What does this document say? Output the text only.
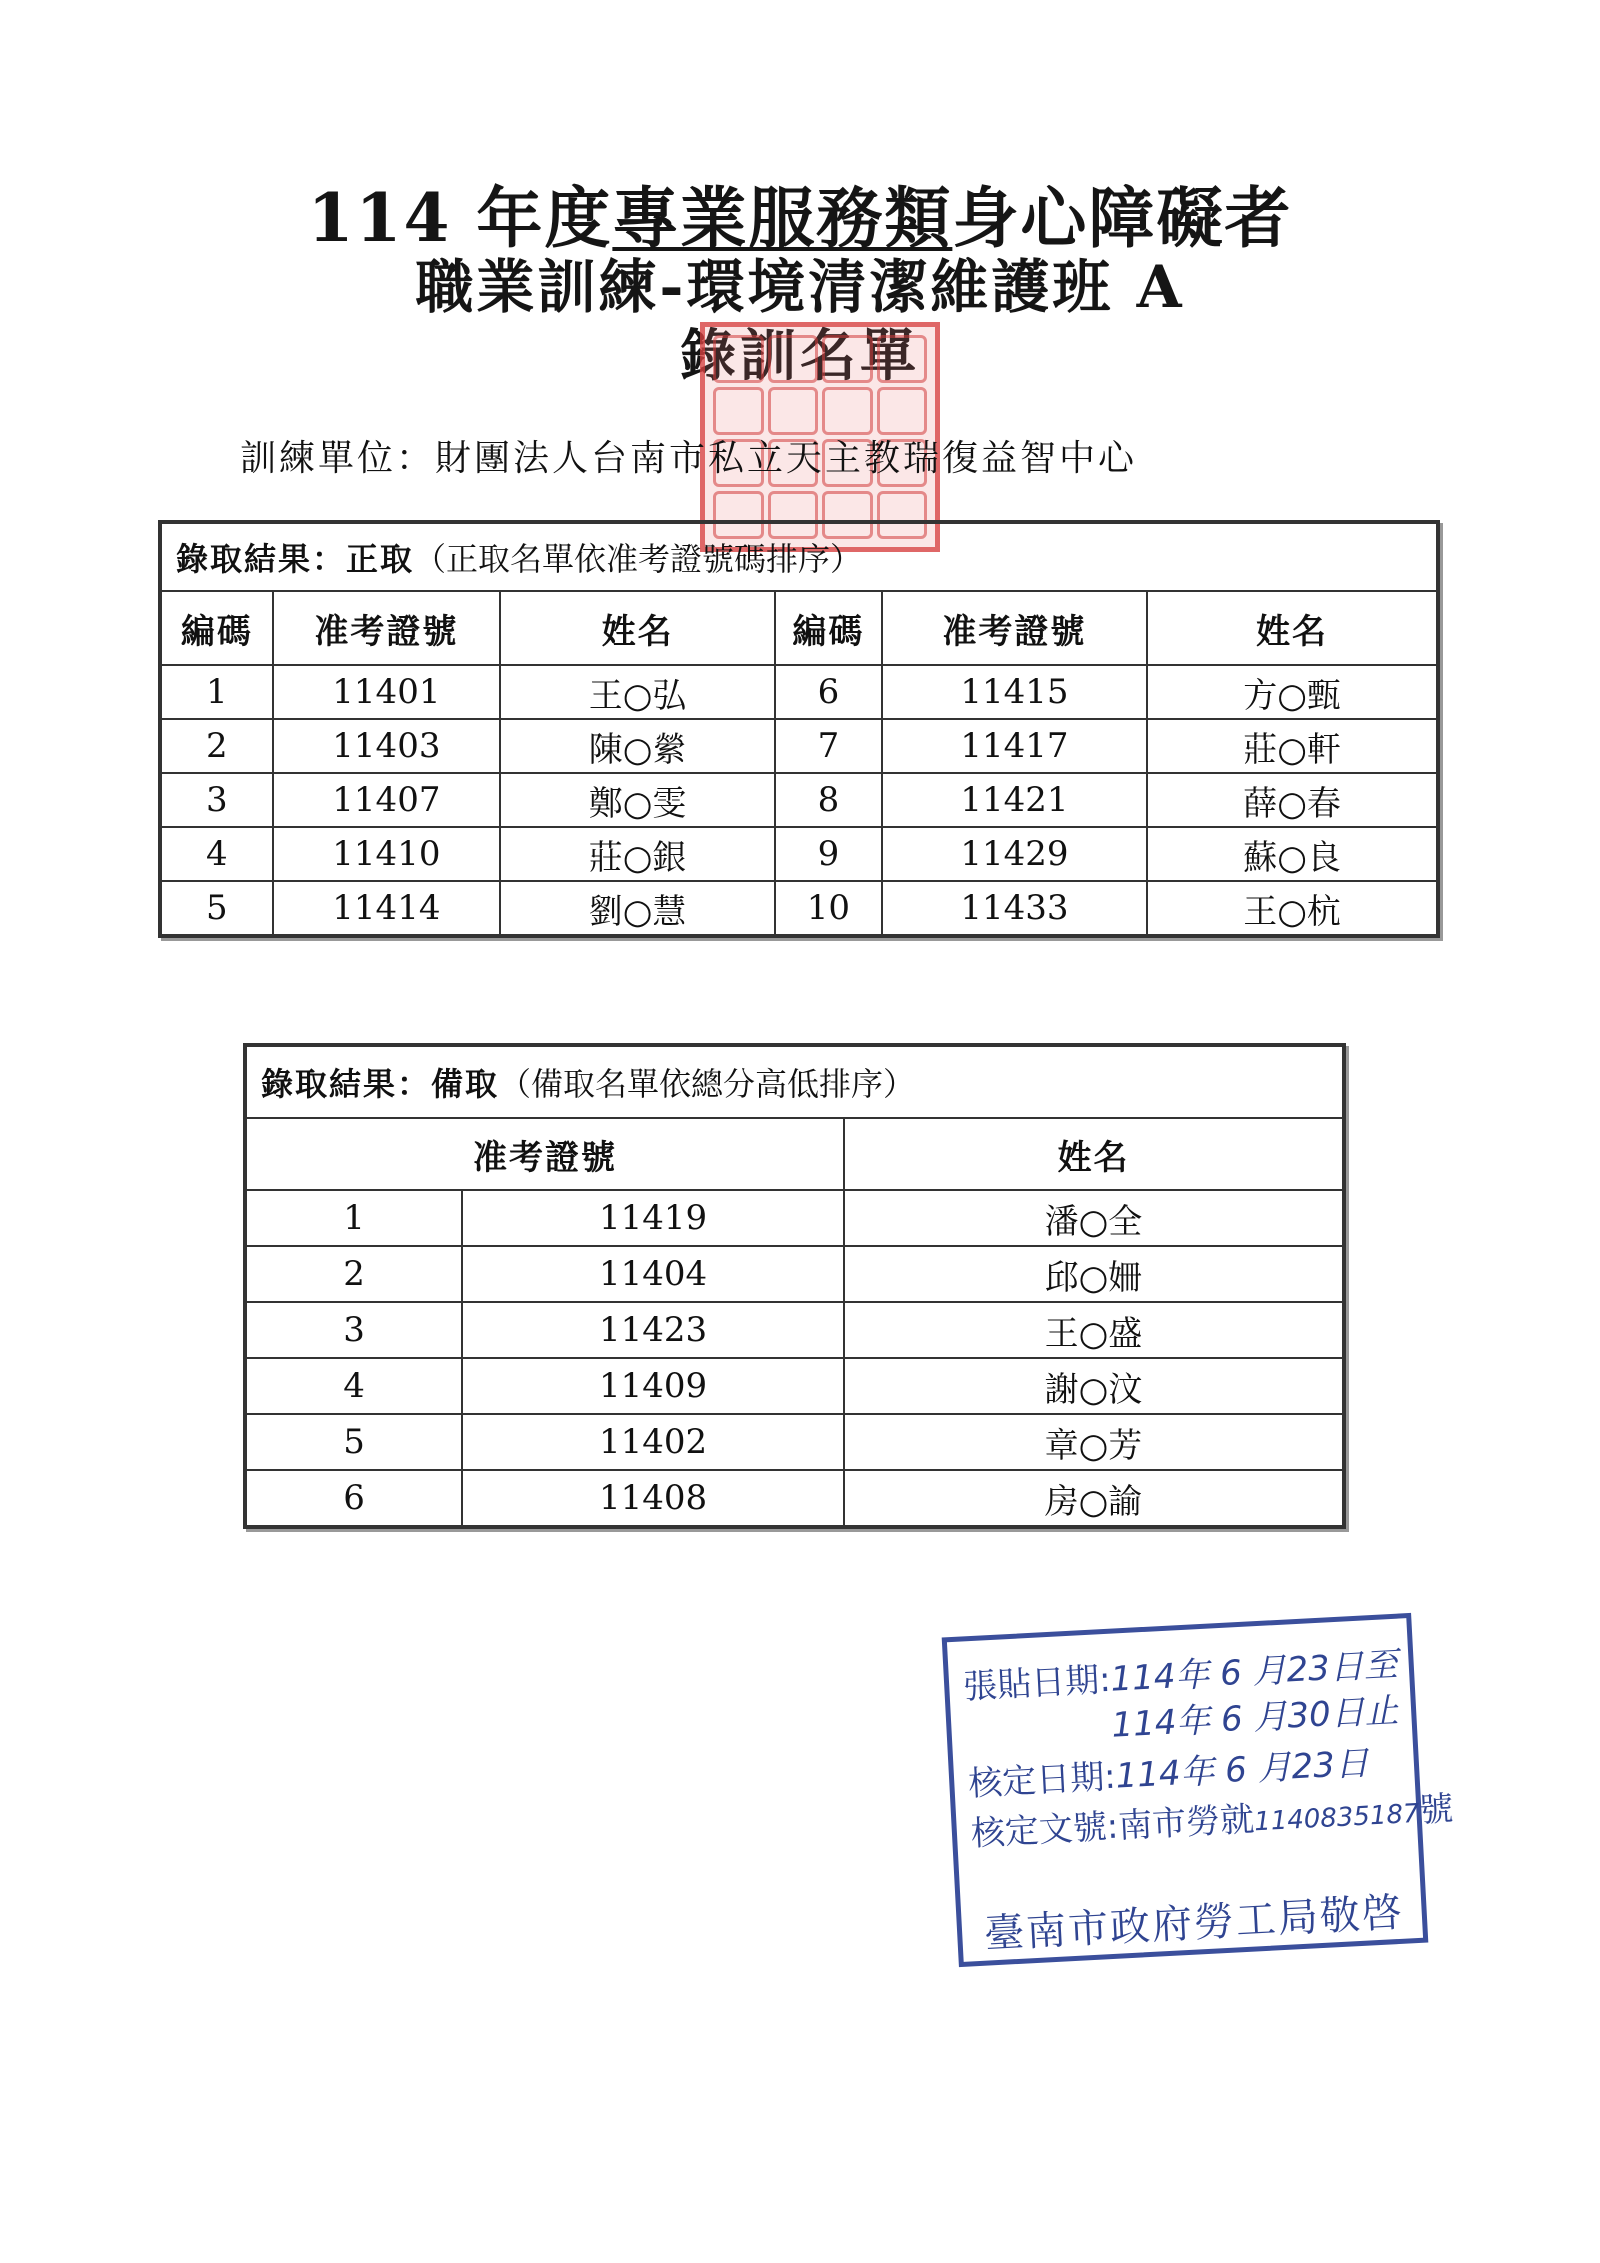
114 年度專業服務類身心障礙者
職業訓練-環境清潔維護班 A
錄訓名單
訓練單位：財團法人台南市私立天主教瑞復益智中心
錄取結果：正取（正取名單依准考證號碼排序）					
編碼	准考證號	姓名	編碼	准考證號	姓名
1	11401	王○弘	6	11415	方○甄
2	11403	陳○縈	7	11417	莊○軒
3	11407	鄭○雯	8	11421	薛○春
4	11410	莊○銀	9	11429	蘇○良
5	11414	劉○慧	10	11433	王○杭
錄取結果：備取（備取名單依總分高低排序）		
准考證號		姓名
1	11419	潘○全
2	11404	邱○姍
3	11423	王○盛
4	11409	謝○汶
5	11402	章○芳
6	11408	房○諭
張貼日期:114年 6 月23日至
114年 6 月30日止
核定日期:114年 6 月23日
核定文號:南市勞就1140835187號
臺南市政府勞工局敬啓
